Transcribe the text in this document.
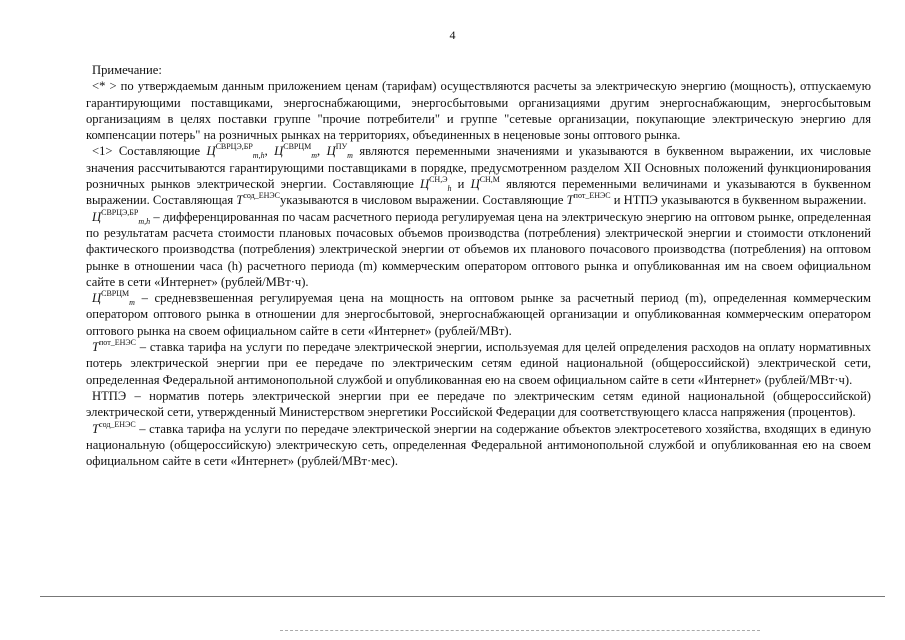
4

Примечание:

<* > по утверждаемым данным приложением ценам (тарифам) осуществляются расчеты за электрическую энергию (мощность), отпускаемую гарантирующими поставщиками, энергоснабжающими, энергосбытовыми организациями другим энергоснабжающим, энергосбытовым организациям в целях поставки группе "прочие потребители" и группе "сетевые организации, покупающие электрическую энергию для компенсации потерь" на розничных рынках на территориях, объединенных в неценовые зоны оптового рынка.

<1> Составляющие $Ц^{СВРЦЭ,БР}_{m,h}$, $Ц^{СВРЦМ}_m$, $Ц^{ПУ}_m$ являются переменными значениями и указываются в буквенном выражении, их числовые значения рассчитываются гарантирующими поставщиками в порядке, предусмотренном разделом XII Основных положений функционирования розничных рынков электрической энергии. Составляющие $Ц^{СН,Э}_h$ и $Ц^{СН,М}$ являются переменными величинами и указываются в буквенном выражении. Составляющая $Т^{сод\_ЕНЭС}указываются$ в числовом выражении. Составляющие $Т^{пот\_ЕНЭС}$ и НТПЭ указываются в буквенном выражении.

$Ц^{СВРЦЭ,БР}_{m,h}$ – дифференцированная по часам расчетного периода регулируемая цена на электрическую энергию на оптовом рынке, определенная по результатам расчета стоимости плановых почасовых объемов производства (потребления) электрической энергии и стоимости отклонений фактического производства (потребления) электрической энергии от объемов их планового почасового производства (потребления) на оптовом рынке в отношении часа (h) расчетного периода (m) коммерческим оператором оптового рынка и опубликованная им на своем официальном сайте в сети «Интернет» (рублей/МВт·ч).

$Ц^{СВРЦМ}_m$ – средневзвешенная регулируемая цена на мощность на оптовом рынке за расчетный период (m), определенная коммерческим оператором оптового рынка в отношении для энергосбытовой, энергоснабжающей организации и опубликованная коммерческим оператором оптового рынка на своем официальном сайте в сети «Интернет» (рублей/МВт).

$Т^{пот\_ЕНЭС}$ – ставка тарифа на услуги по передаче электрической энергии, используемая для целей определения расходов на оплату нормативных потерь электрической энергии при ее передаче по электрическим сетям единой национальной (общероссийской) электрической сети, определенная Федеральной антимонопольной службой и опубликованная ею на своем официальном сайте в сети «Интернет» (рублей/МВт·ч).

НТПЭ – норматив потерь электрической энергии при ее передаче по электрическим сетям единой национальной (общероссийской) электрической сети, утвержденный Министерством энергетики Российской Федерации для соответствующего класса напряжения (процентов).

$Т^{сод\_ЕНЭС}$ – ставка тарифа на услуги по передаче электрической энергии на содержание объектов электросетевого хозяйства, входящих в единую национальную (общероссийскую) электрическую сеть, определенная Федеральной антимонопольной службой и опубликованная ею на своем официальном сайте в сети «Интернет» (рублей/МВт·мес).
